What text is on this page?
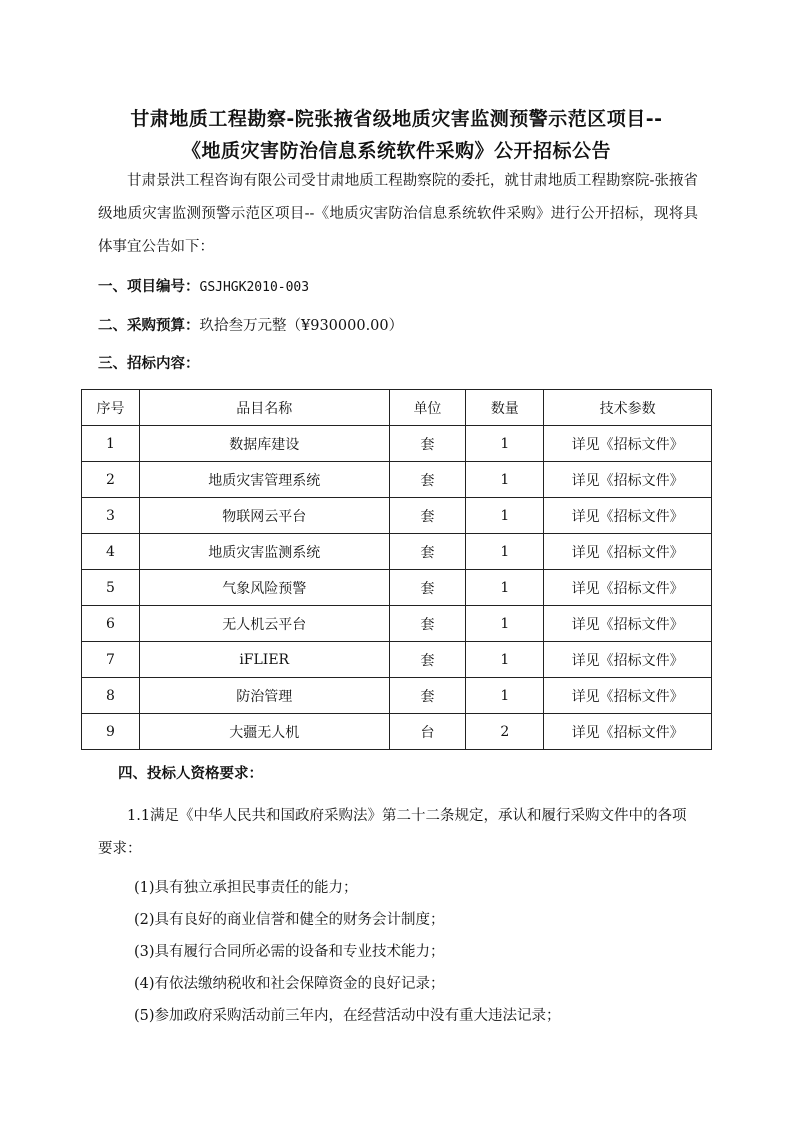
甘肃地质工程勘察-院张掖省级地质灾害监测预警示范区项目--
《地质灾害防治信息系统软件采购》公开招标公告
甘肃景洪工程咨询有限公司受甘肃地质工程勘察院的委托，就甘肃地质工程勘察院-张掖省级地质灾害监测预警示范区项目--《地质灾害防治信息系统软件采购》进行公开招标，现将具体事宜公告如下：
一、项目编号：GSJHGK2010-003
二、采购预算：玖拾叁万元整（¥930000.00）
三、招标内容：
序号	品目名称	单位	数量	技术参数
1	数据库建设	套	1	详见《招标文件》
2	地质灾害管理系统	套	1	详见《招标文件》
3	物联网云平台	套	1	详见《招标文件》
4	地质灾害监测系统	套	1	详见《招标文件》
5	气象风险预警	套	1	详见《招标文件》
6	无人机云平台	套	1	详见《招标文件》
7	iFLIER	套	1	详见《招标文件》
8	防治管理	套	1	详见《招标文件》
9	大疆无人机	台	2	详见《招标文件》
四、投标人资格要求：
1.1满足《中华人民共和国政府采购法》第二十二条规定，承认和履行采购文件中的各项要求：
(1)具有独立承担民事责任的能力；
(2)具有良好的商业信誉和健全的财务会计制度；
(3)具有履行合同所必需的设备和专业技术能力；
(4)有依法缴纳税收和社会保障资金的良好记录；
(5)参加政府采购活动前三年内，在经营活动中没有重大违法记录；
